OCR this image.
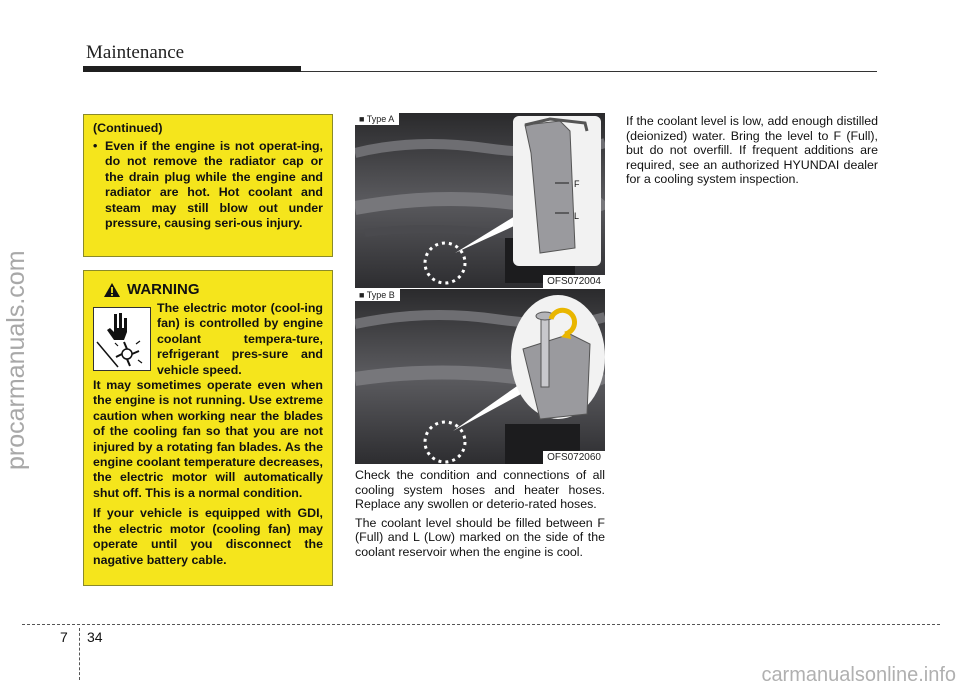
Maintenance
procarmanuals.com
(Continued)
• Even if the engine is not operat-ing, do not remove the radiator cap or the drain plug while the engine and radiator are hot. Hot coolant and steam may still blow out under pressure, causing seri-ous injury.
WARNING
The electric motor (cool-ing fan) is controlled by engine coolant tempera-ture, refrigerant pres-sure and vehicle speed.
It may sometimes operate even when the engine is not running. Use extreme caution when working near the blades of the cooling fan so that you are not injured by a rotating fan blades. As the engine coolant temperature decreases, the electric motor will automatically shut off. This is a normal condition.
If your vehicle is equipped with GDI, the electric motor (cooling fan) may operate until you disconnect the nagative battery cable.
F
L
■ Type A
OFS072004
■ Type B
OFS072060

Check the condition and connections of all cooling system hoses and heater hoses. Replace any swollen or deterio-rated hoses.

The coolant level should be filled between F (Full) and L (Low) marked on the side of the coolant reservoir when the engine is cool.

If the coolant level is low, add enough distilled (deionized) water. Bring the level to F (Full), but do not overfill. If frequent additions are required, see an authorized HYUNDAI dealer for a cooling system inspection.
7 34
carmanualsonline.info
